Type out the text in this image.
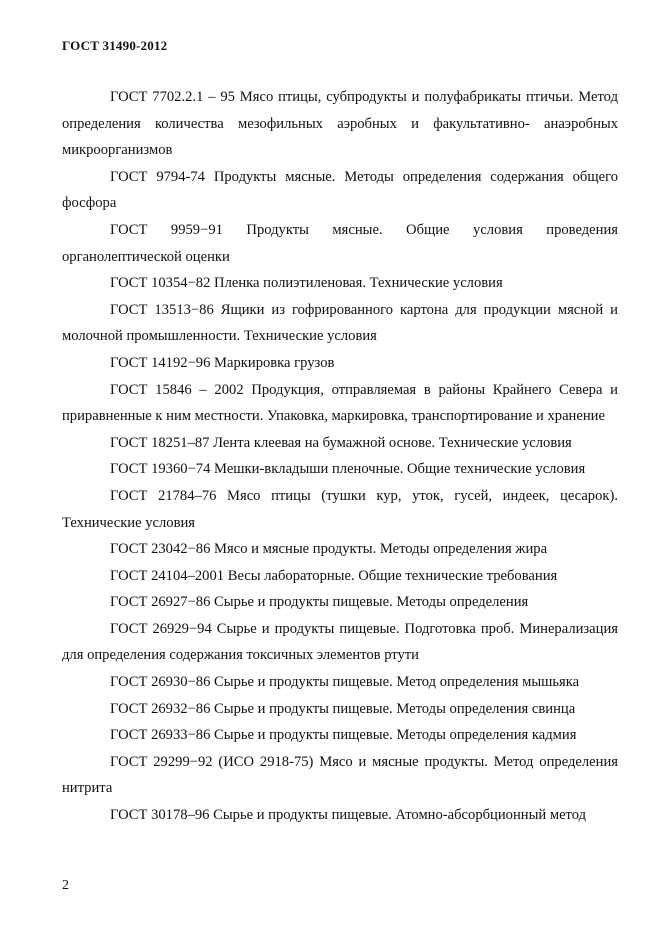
ГОСТ 31490-2012

ГОСТ 7702.2.1 – 95 Мясо птицы, субпродукты и полуфабрикаты птичьи. Метод определения количества мезофильных аэробных и факультативно- анаэробных микроорганизмов

ГОСТ 9794-74 Продукты мясные. Методы определения содержания общего фосфора

ГОСТ 9959−91 Продукты мясные. Общие условия проведения органолептической оценки

ГОСТ 10354−82 Пленка полиэтиленовая. Технические условия

ГОСТ 13513−86 Ящики из гофрированного картона для продукции мясной и молочной промышленности. Технические условия

ГОСТ 14192−96 Маркировка грузов

ГОСТ 15846 – 2002 Продукция, отправляемая в районы Крайнего Севера и приравненные к ним местности. Упаковка, маркировка, транспортирование и хранение

ГОСТ 18251–87 Лента клеевая на бумажной основе. Технические условия

ГОСТ 19360−74 Мешки-вкладыши пленочные. Общие технические условия

ГОСТ 21784–76 Мясо птицы (тушки кур, уток, гусей, индеек, цесарок). Технические условия

ГОСТ 23042−86 Мясо и мясные продукты. Методы определения жира

ГОСТ 24104–2001 Весы лабораторные. Общие технические требования

ГОСТ 26927−86 Сырье и продукты пищевые. Методы определения

ГОСТ 26929−94 Сырье и продукты пищевые. Подготовка проб. Минерализация для определения содержания токсичных элементов ртути

ГОСТ 26930−86 Сырье и продукты пищевые. Метод определения мышьяка

ГОСТ 26932−86 Сырье и продукты пищевые. Методы определения свинца

ГОСТ 26933−86 Сырье и продукты пищевые. Методы определения кадмия

ГОСТ 29299−92 (ИСО 2918-75) Мясо и мясные продукты. Метод определения нитрита

ГОСТ 30178–96 Сырье и продукты пищевые. Атомно-абсорбционный метод

2
